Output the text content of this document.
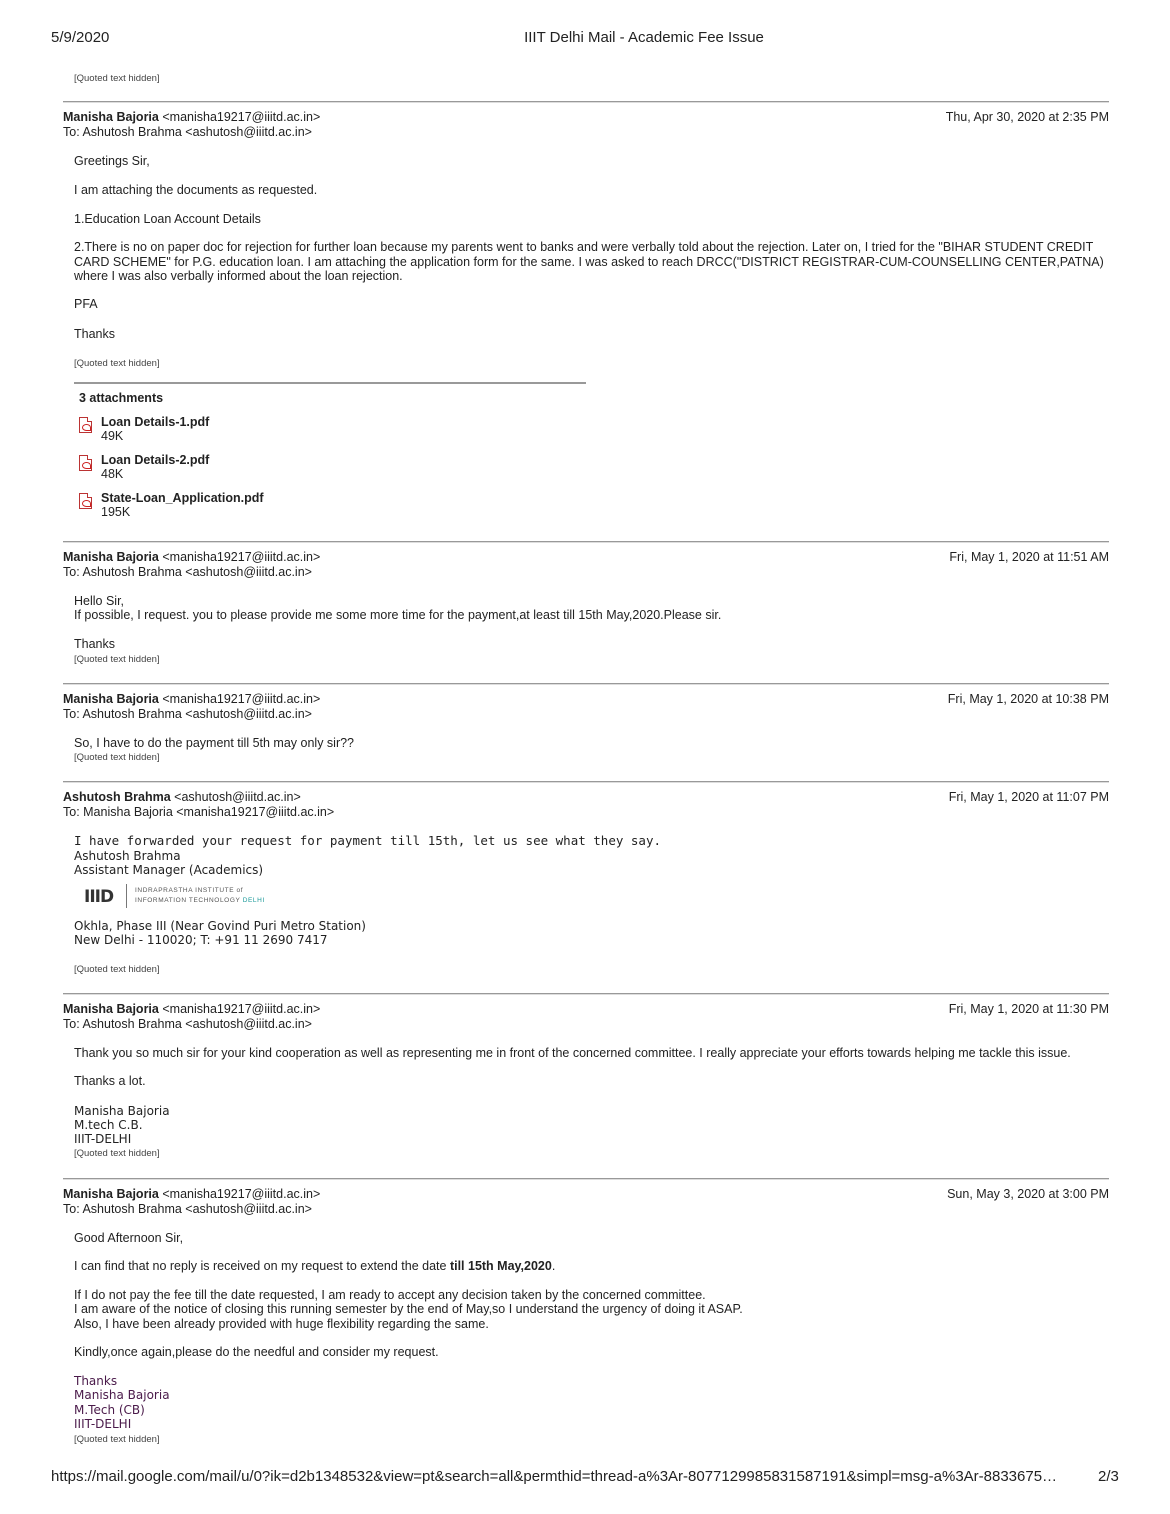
5/9/2020	IIIT Delhi Mail - Academic Fee Issue
[Quoted text hidden]
Manisha Bajoria <manisha19217@iiitd.ac.in>
To: Ashutosh Brahma <ashutosh@iiitd.ac.in>
Thu, Apr 30, 2020 at 2:35 PM
Greetings Sir,
I am attaching the documents as requested.
1.Education Loan Account Details
2.There is no on paper doc for rejection for further loan because my parents went to banks and were verbally told about the rejection. Later on, I tried for the "BIHAR STUDENT CREDIT CARD SCHEME" for P.G. education loan. I am attaching the application form for the same. I was asked to reach DRCC("DISTRICT REGISTRAR-CUM-COUNSELLING CENTER,PATNA) where I was also verbally informed about the loan rejection.
PFA
Thanks
[Quoted text hidden]
3 attachments
Loan Details-1.pdf
49K
Loan Details-2.pdf
48K
State-Loan_Application.pdf
195K
Manisha Bajoria <manisha19217@iiitd.ac.in>
To: Ashutosh Brahma <ashutosh@iiitd.ac.in>
Fri, May 1, 2020 at 11:51 AM
Hello Sir,
If possible, I request. you to please provide me some more time for the payment,at least till 15th May,2020.Please sir.
Thanks
[Quoted text hidden]
Manisha Bajoria <manisha19217@iiitd.ac.in>
To: Ashutosh Brahma <ashutosh@iiitd.ac.in>
Fri, May 1, 2020 at 10:38 PM
So, I have to do the payment till 5th may only sir??
[Quoted text hidden]
Ashutosh Brahma <ashutosh@iiitd.ac.in>
To: Manisha Bajoria <manisha19217@iiitd.ac.in>
Fri, May 1, 2020 at 11:07 PM
I have forwarded your request for payment till 15th, let us see what they say.
Ashutosh Brahma
Assistant Manager (Academics)
IIID	INDRAPRASTHA INSTITUTE of
INFORMATION TECHNOLOGY DELHI
Okhla, Phase III (Near Govind Puri Metro Station)
New Delhi - 110020; T: +91 11 2690 7417
[Quoted text hidden]
Manisha Bajoria <manisha19217@iiitd.ac.in>
To: Ashutosh Brahma <ashutosh@iiitd.ac.in>
Fri, May 1, 2020 at 11:30 PM
Thank you so much sir for your kind cooperation as well as representing me in front of the concerned committee. I really appreciate your efforts towards helping me tackle this issue.
Thanks a lot.
Manisha Bajoria
M.tech C.B.
IIIT-DELHI
[Quoted text hidden]
Manisha Bajoria <manisha19217@iiitd.ac.in>
To: Ashutosh Brahma <ashutosh@iiitd.ac.in>
Sun, May 3, 2020 at 3:00 PM
Good Afternoon Sir,
I can find that no reply is received on my request to extend the date till 15th May,2020.
If I do not pay the fee till the date requested, I am ready to accept any decision taken by the concerned committee.
I am aware of the notice of closing this running semester by the end of May,so I understand the urgency of doing it ASAP.
Also, I have been already provided with huge flexibility regarding the same.
Kindly,once again,please do the needful and consider my request.
Thanks
Manisha Bajoria
M.Tech (CB)
IIIT-DELHI
[Quoted text hidden]
https://mail.google.com/mail/u/0?ik=d2b1348532&view=pt&search=all&permthid=thread-a%3Ar-8077129985831587191&simpl=msg-a%3Ar-8833675…	2/3
